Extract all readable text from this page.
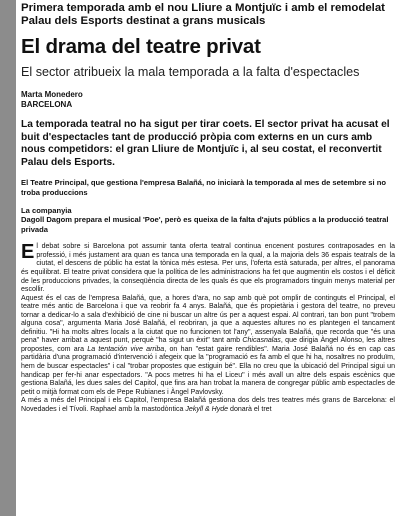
Primera temporada amb el nou Lliure a Montjuïc i amb el remodelat Palau dels Esports destinat a grans musicals

El drama del teatre privat

El sector atribueix la mala temporada a la falta d'espectacles

Marta Monedero
BARCELONA

La temporada teatral no ha sigut per tirar coets. El sector privat ha acusat el buit d'espectacles tant de producció pròpia com externs en un curs amb nous competidors: el gran Lliure de Montjuïc i, al seu costat, el reconvertit Palau dels Esports.

El Teatre Principal, que gestiona l'empresa Balañá, no iniciarà la temporada al mes de setembre si no troba produccions

La companyia

Dagoll Dagom prepara el musical 'Poe', però es queixa de la falta d'ajuts públics a la producció teatral privada

El debat sobre si Barcelona pot assumir tanta oferta teatral continua encenent postures contraposades en la professió, i més justament ara quan es tanca una temporada en la qual, a la majoria dels 36 espais teatrals de la ciutat, el descens de públic ha estat la tònica més estesa. Per uns, l'oferta està saturada, per altres, el panorama és equilibrat. El teatre privat considera que la política de les administracions ha fet que augmentin els costos i el dèficit de les produccions privades, la conseqüència directa de les quals és que els programadors tinguin menys material per escollir.
Aquest és el cas de l'empresa Balañá, que, a hores d'ara, no sap amb què pot omplir de continguts el Principal, el teatre més antic de Barcelona i que va reobrir fa 4 anys. Balañá, que és propietària i gestora del teatre, no preveu tornar a dedicar-lo a sala d'exhibició de cine ni buscar un altre ús per a aquest espai. Al contrari, tan bon punt "trobem alguna cosa", argumenta Maria José Balañá, el reobriran, ja que a aquestes altures no es plantegen el tancament definitiu. "Hi ha molts altres locals a la ciutat que no funcionen tot l'any", assenyala Balañá, que recorda que "és una pena" haver arribat a aquest punt, perquè "ha sigut un èxit" tant amb Chicasnalas, que dirigia Àngel Alonso, les altres propostes, com ara La tentación vive arriba, on han "estat gaire rendibles". Maria José Balañá no és en cap cas partidària d'una programació d'intervenció i afegeix que la "programació es fa amb el que hi ha, nosaltres no produïm, hem de buscar espectacles" i cal "trobar propostes que estiguin bé". Ella no creu que la ubicació del Principal sigui un handicap per fer-hi anar espectadors. "A pocs metres hi ha el Liceu" i més avall un altre dels espais escènics que gestiona Balañá, les dues sales del Capitol, que fins ara han trobat la manera de congregar públic amb espectacles de petit o mitjà format com els de Pepe Rubianes i Àngel Pavlovsky.
A més a més del Principal i els Capitol, l'empresa Balañá gestiona dos dels tres teatres més grans de Barcelona: el Novedades i el Tívoli. Raphael amb la mastodòntica Jekyll & Hyde donarà el tret
